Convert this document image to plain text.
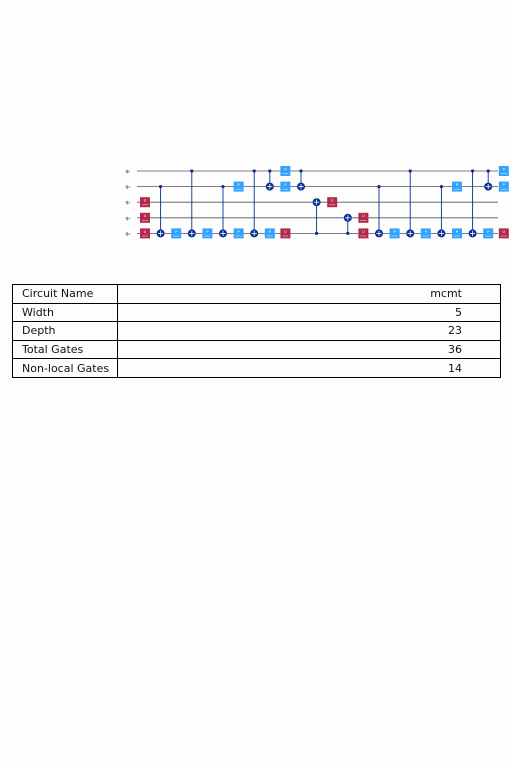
q₀
q₁
q₂
q₃
q₄
U
U
U	P	P
P
P	P
P
P
U
U
U
U	P	P
P
P	P
P
P
U
Circuit Name	mcmt
Width	5
Depth	23
Total Gates	36
Non-local Gates	14
